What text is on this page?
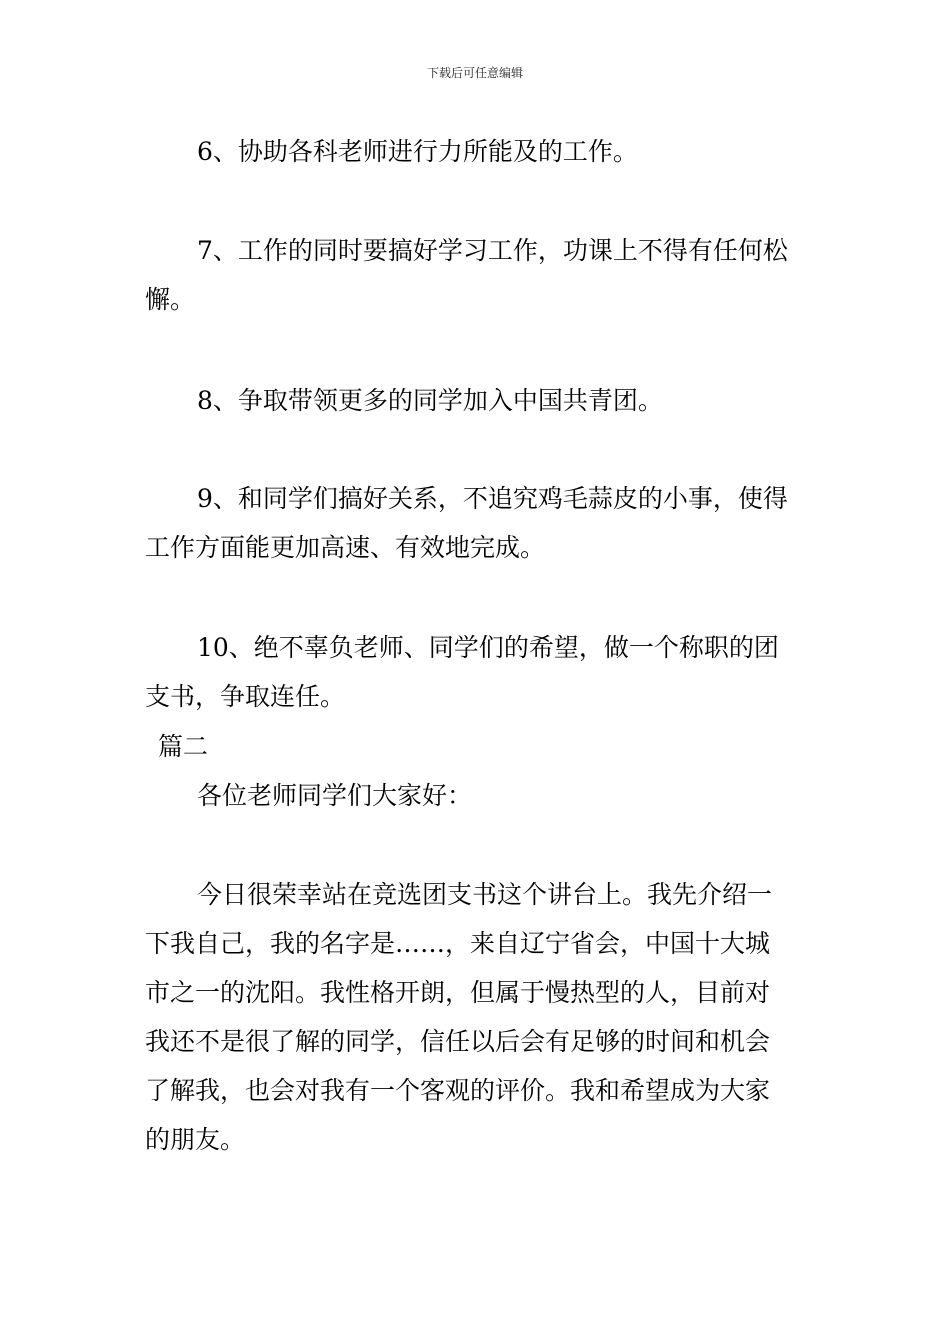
下载后可任意编辑

6、协助各科老师进行力所能及的工作。

7、工作的同时要搞好学习工作，功课上不得有任何松
懈。

8、争取带领更多的同学加入中国共青团。

9、和同学们搞好关系，不追究鸡毛蒜皮的小事，使得
工作方面能更加高速、有效地完成。

10、绝不辜负老师、同学们的希望，做一个称职的团
支书，争取连任。

篇二

各位老师同学们大家好：

今日很荣幸站在竞选团支书这个讲台上。我先介绍一
下我自己，我的名字是……，来自辽宁省会，中国十大城
市之一的沈阳。我性格开朗，但属于慢热型的人，目前对
我还不是很了解的同学，信任以后会有足够的时间和机会
了解我，也会对我有一个客观的评价。我和希望成为大家
的朋友。
